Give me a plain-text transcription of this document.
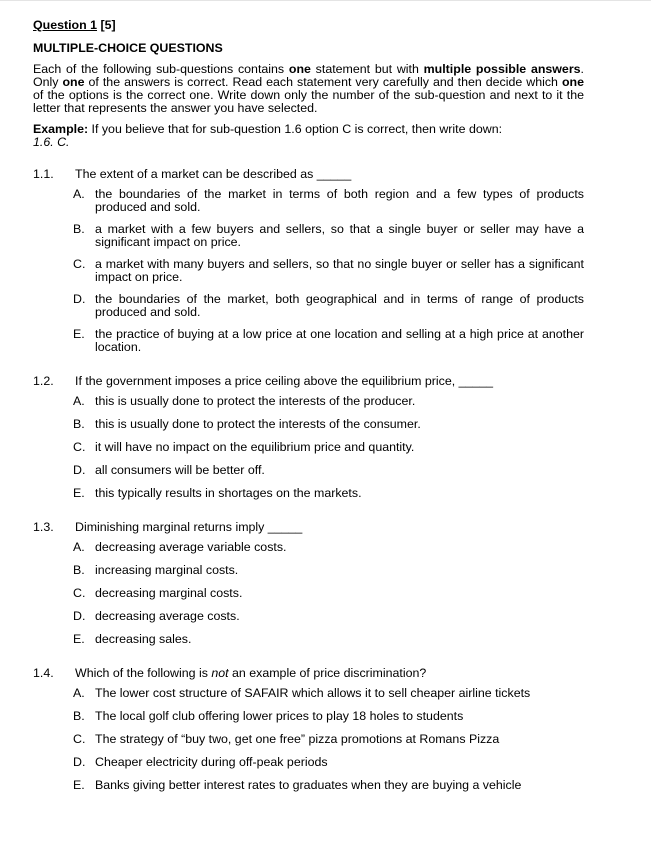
Question 1 [5]
MULTIPLE-CHOICE QUESTIONS
Each of the following sub-questions contains one statement but with multiple possible answers. Only one of the answers is correct. Read each statement very carefully and then decide which one of the options is the correct one. Write down only the number of the sub-question and next to it the letter that represents the answer you have selected.
Example: If you believe that for sub-question 1.6 option C is correct, then write down:
1.6. C.
1.1.	The extent of a market can be described as _____
A. the boundaries of the market in terms of both region and a few types of products produced and sold.
B. a market with a few buyers and sellers, so that a single buyer or seller may have a significant impact on price.
C. a market with many buyers and sellers, so that no single buyer or seller has a significant impact on price.
D. the boundaries of the market, both geographical and in terms of range of products produced and sold.
E. the practice of buying at a low price at one location and selling at a high price at another location.
1.2.	If the government imposes a price ceiling above the equilibrium price, _____
A. this is usually done to protect the interests of the producer.
B. this is usually done to protect the interests of the consumer.
C. it will have no impact on the equilibrium price and quantity.
D. all consumers will be better off.
E. this typically results in shortages on the markets.
1.3.	Diminishing marginal returns imply _____
A. decreasing average variable costs.
B. increasing marginal costs.
C. decreasing marginal costs.
D. decreasing average costs.
E. decreasing sales.
1.4.	Which of the following is not an example of price discrimination?
A. The lower cost structure of SAFAIR which allows it to sell cheaper airline tickets
B. The local golf club offering lower prices to play 18 holes to students
C. The strategy of “buy two, get one free” pizza promotions at Romans Pizza
D. Cheaper electricity during off-peak periods
E. Banks giving better interest rates to graduates when they are buying a vehicle
